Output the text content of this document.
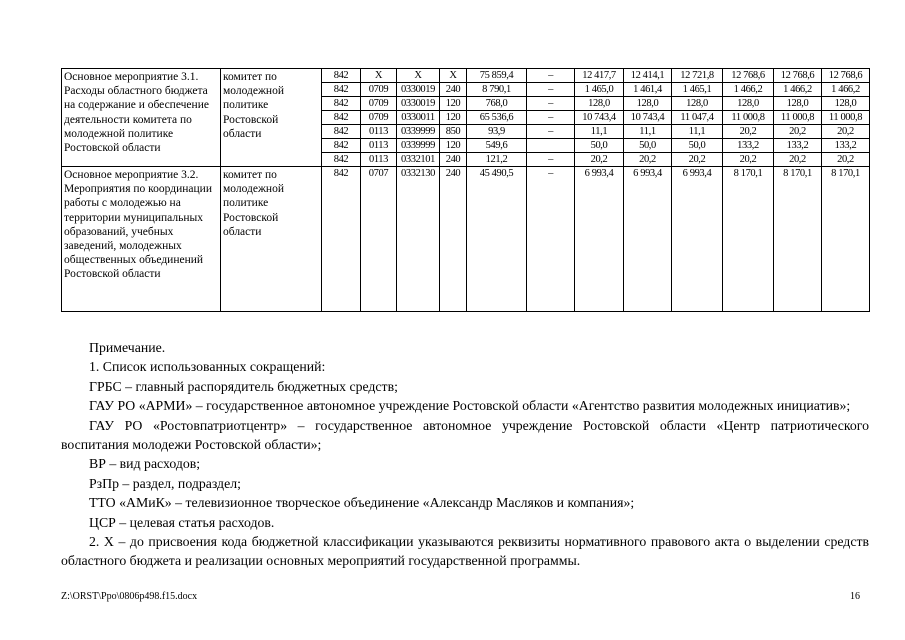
Основное мероприятие 3.1. Расходы областного бюджета на содержание и обеспечение деятельности комитета по молодежной политике Ростовской области	комитет по молодежной политике Ростовской области	842	Х	Х	Х	75 859,4	–	12 417,7	12 414,1	12 721,8	12 768,6	12 768,6	12 768,6
		842	0709	0330019	240	8 790,1	–	1 465,0	1 461,4	1 465,1	1 466,2	1 466,2	1 466,2
		842	0709	0330019	120	768,0	–	128,0	128,0	128,0	128,0	128,0	128,0
		842	0709	0330011	120	65 536,6	–	10 743,4	10 743,4	11 047,4	11 000,8	11 000,8	11 000,8
		842	0113	0339999	850	93,9	–	11,1	11,1	11,1	20,2	20,2	20,2
		842	0113	0339999	120	549,6		50,0	50,0	50,0	133,2	133,2	133,2
		842	0113	0332101	240	121,2	–	20,2	20,2	20,2	20,2	20,2	20,2
Основное мероприятие 3.2. Мероприятия по координации работы с молодежью на территории муниципальных образований, учебных заведений, молодежных общественных объединений Ростовской области	комитет по молодежной политике Ростовской области	842	0707	0332130	240	45 490,5	–	6 993,4	6 993,4	6 993,4	8 170,1	8 170,1	8 170,1

Примечание.

1. Список использованных сокращений:

ГРБС – главный распорядитель бюджетных средств;

ГАУ РО «АРМИ» – государственное автономное учреждение Ростовской области «Агентство развития молодежных инициатив»;

ГАУ РО «Ростовпатриотцентр» – государственное автономное учреждение Ростовской области «Центр патриотического воспитания молодежи Ростовской области»;

ВР – вид расходов;

РзПр – раздел, подраздел;

ТТО «АМиК» – телевизионное творческое объединение «Александр Масляков и компания»;

ЦСР – целевая статья расходов.

2. Х – до присвоения кода бюджетной классификации указываются реквизиты нормативного правового акта о выделении средств областного бюджета и реализации основных мероприятий государственной программы.

Z:\ORST\Ppo\0806p498.f15.docx	16
